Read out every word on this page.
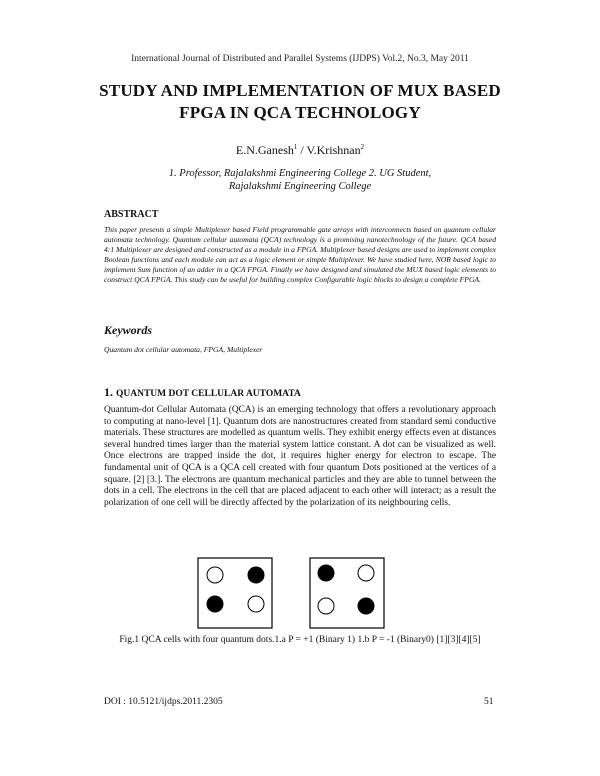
International Journal of Distributed and Parallel Systems (IJDPS) Vol.2, No.3, May 2011
STUDY AND IMPLEMENTATION OF MUX BASED
FPGA IN QCA TECHNOLOGY
E.N.Ganesh$^1$ / V.Krishnan$^2$
1. Professor, Rajalakshmi Engineering College 2. UG Student, Rajalakshmi Engineering College
ABSTRACT
This paper presents a simple Multiplexer based Field programmable gate arrays with interconnects based on quantum cellular automata technology. Quantum cellular automata (QCA) technology is a promising nanotechnology of the future. QCA based 4:1 Multiplexer are designed and constructed as a module in a FPGA. Multiplexer based designs are used to implement complex Boolean functions and each module can act as a logic element or simple Multiplexer. We have studied here, NOR based logic to implement Sum function of an adder in a QCA FPGA. Finally we have designed and simulated the MUX based logic elements to construct QCA FPGA. This study can be useful for building complex Configurable logic blocks to design a complete FPGA.
Keywords
Quantum dot cellular automata, FPGA, Multiplexer
1. QUANTUM DOT CELLULAR AUTOMATA
Quantum-dot Cellular Automata (QCA) is an emerging technology that offers a revolutionary approach to computing at nano-level [1]. Quantum dots are nanostructures created from standard semi conductive materials. These structures are modelled as quantum wells. They exhibit energy effects even at distances several hundred times larger than the material system lattice constant. A dot can be visualized as well. Once electrons are trapped inside the dot, it requires higher energy for electron to escape. The fundamental unit of QCA is a QCA cell created with four quantum Dots positioned at the vertices of a square. [2] [3.]. The electrons are quantum mechanical particles and they are able to tunnel between the dots in a cell. The electrons in the cell that are placed adjacent to each other will interact; as a result the polarization of one cell will be directly affected by the polarization of its neighbouring cells.
Fig.1 QCA cells with four quantum dots.1.a P = +1 (Binary 1) 1.b P = -1 (Binary0) [1][3][4][5]
DOI : 10.5121/ijdps.2011.2305	51
